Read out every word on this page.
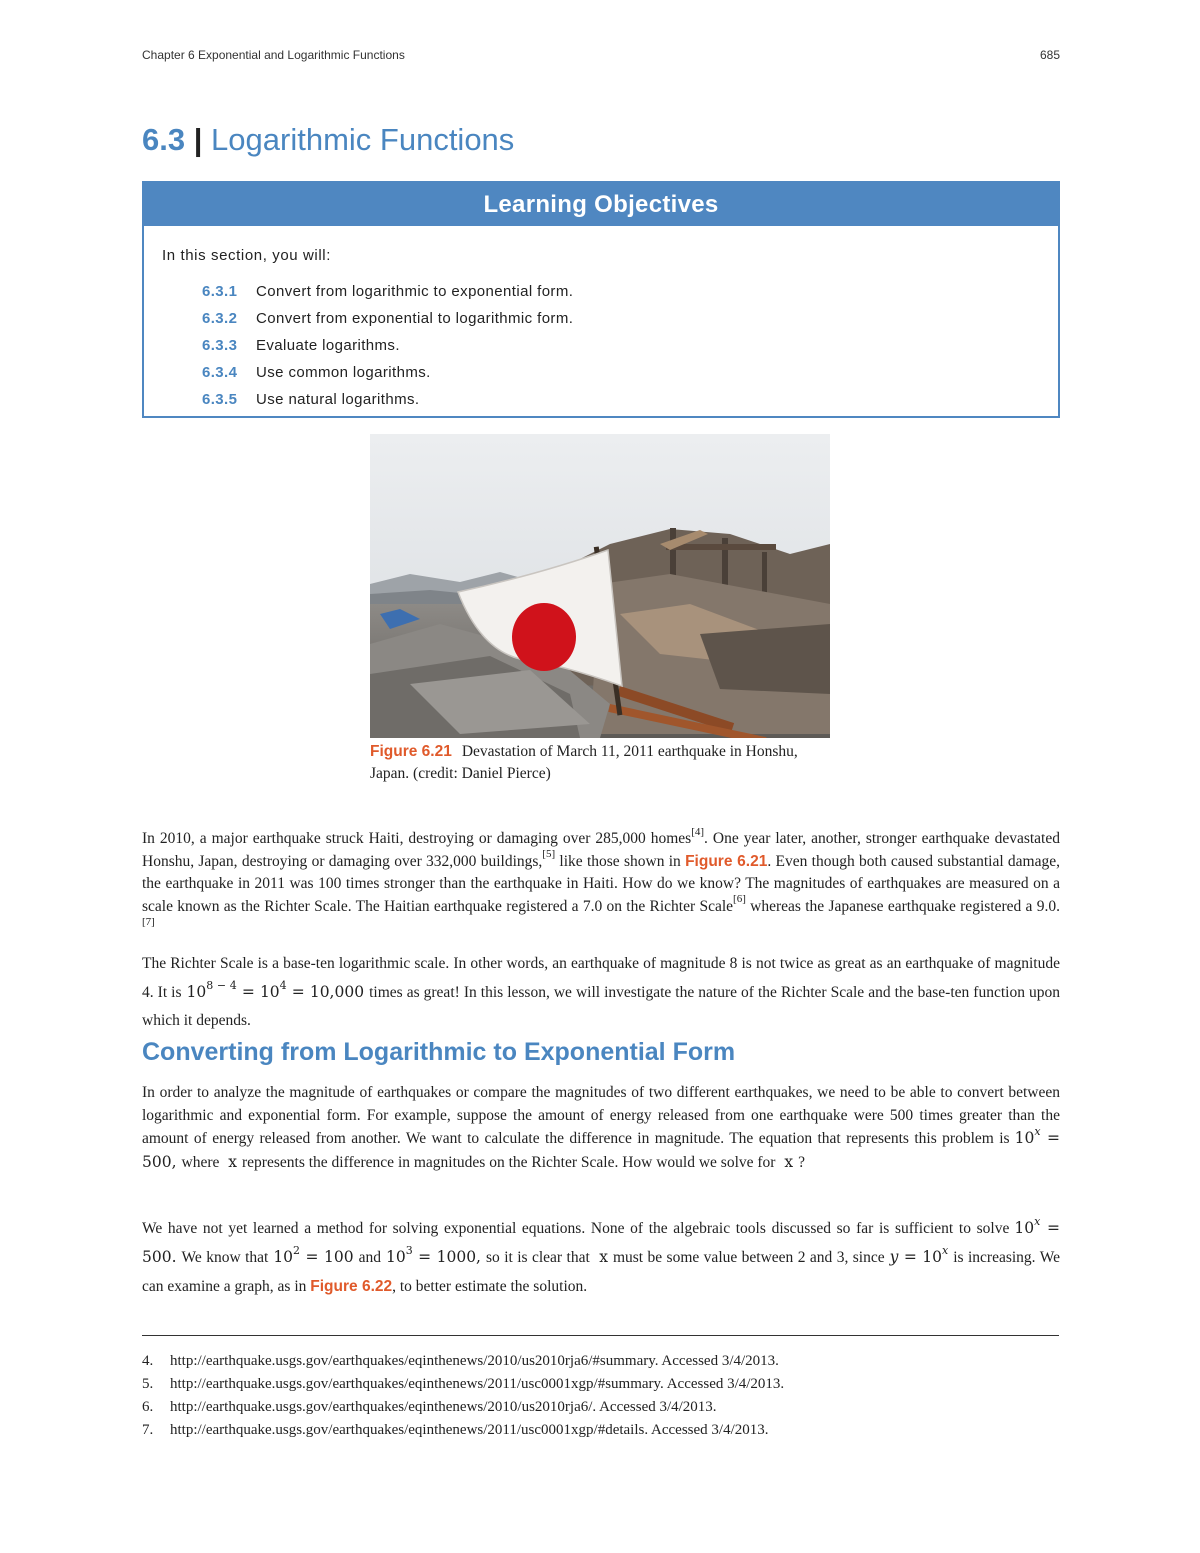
Chapter 6 Exponential and Logarithmic Functions	685
6.3 | Logarithmic Functions
Learning Objectives
In this section, you will:
6.3.1 Convert from logarithmic to exponential form.
6.3.2 Convert from exponential to logarithmic form.
6.3.3 Evaluate logarithms.
6.3.4 Use common logarithms.
6.3.5 Use natural logarithms.
Figure 6.21 Devastation of March 11, 2011 earthquake in Honshu, Japan. (credit: Daniel Pierce)

In 2010, a major earthquake struck Haiti, destroying or damaging over 285,000 homes[4]. One year later, another, stronger earthquake devastated Honshu, Japan, destroying or damaging over 332,000 buildings,[5] like those shown in Figure 6.21. Even though both caused substantial damage, the earthquake in 2011 was 100 times stronger than the earthquake in Haiti. How do we know? The magnitudes of earthquakes are measured on a scale known as the Richter Scale. The Haitian earthquake registered a 7.0 on the Richter Scale[6] whereas the Japanese earthquake registered a 9.0.[7]

The Richter Scale is a base-ten logarithmic scale. In other words, an earthquake of magnitude 8 is not twice as great as an earthquake of magnitude 4. It is $10^{8 - 4} = 10^4 = 10,000$ times as great! In this lesson, we will investigate the nature of the Richter Scale and the base-ten function upon which it depends.

Converting from Logarithmic to Exponential Form

In order to analyze the magnitude of earthquakes or compare the magnitudes of two different earthquakes, we need to be able to convert between logarithmic and exponential form. For example, suppose the amount of energy released from one earthquake were 500 times greater than the amount of energy released from another. We want to calculate the difference in magnitude. The equation that represents this problem is $10^x = 500$, where x represents the difference in magnitudes on the Richter Scale. How would we solve for x ?

We have not yet learned a method for solving exponential equations. None of the algebraic tools discussed so far is sufficient to solve $10^x = 500$. We know that $10^2 = 100$ and $10^3 = 1000$, so it is clear that x must be some value between 2 and 3, since $y = 10^x$ is increasing. We can examine a graph, as in Figure 6.22, to better estimate the solution.

4. http://earthquake.usgs.gov/earthquakes/eqinthenews/2010/us2010rja6/#summary. Accessed 3/4/2013.
5. http://earthquake.usgs.gov/earthquakes/eqinthenews/2011/usc0001xgp/#summary. Accessed 3/4/2013.
6. http://earthquake.usgs.gov/earthquakes/eqinthenews/2010/us2010rja6/. Accessed 3/4/2013.
7. http://earthquake.usgs.gov/earthquakes/eqinthenews/2011/usc0001xgp/#details. Accessed 3/4/2013.
